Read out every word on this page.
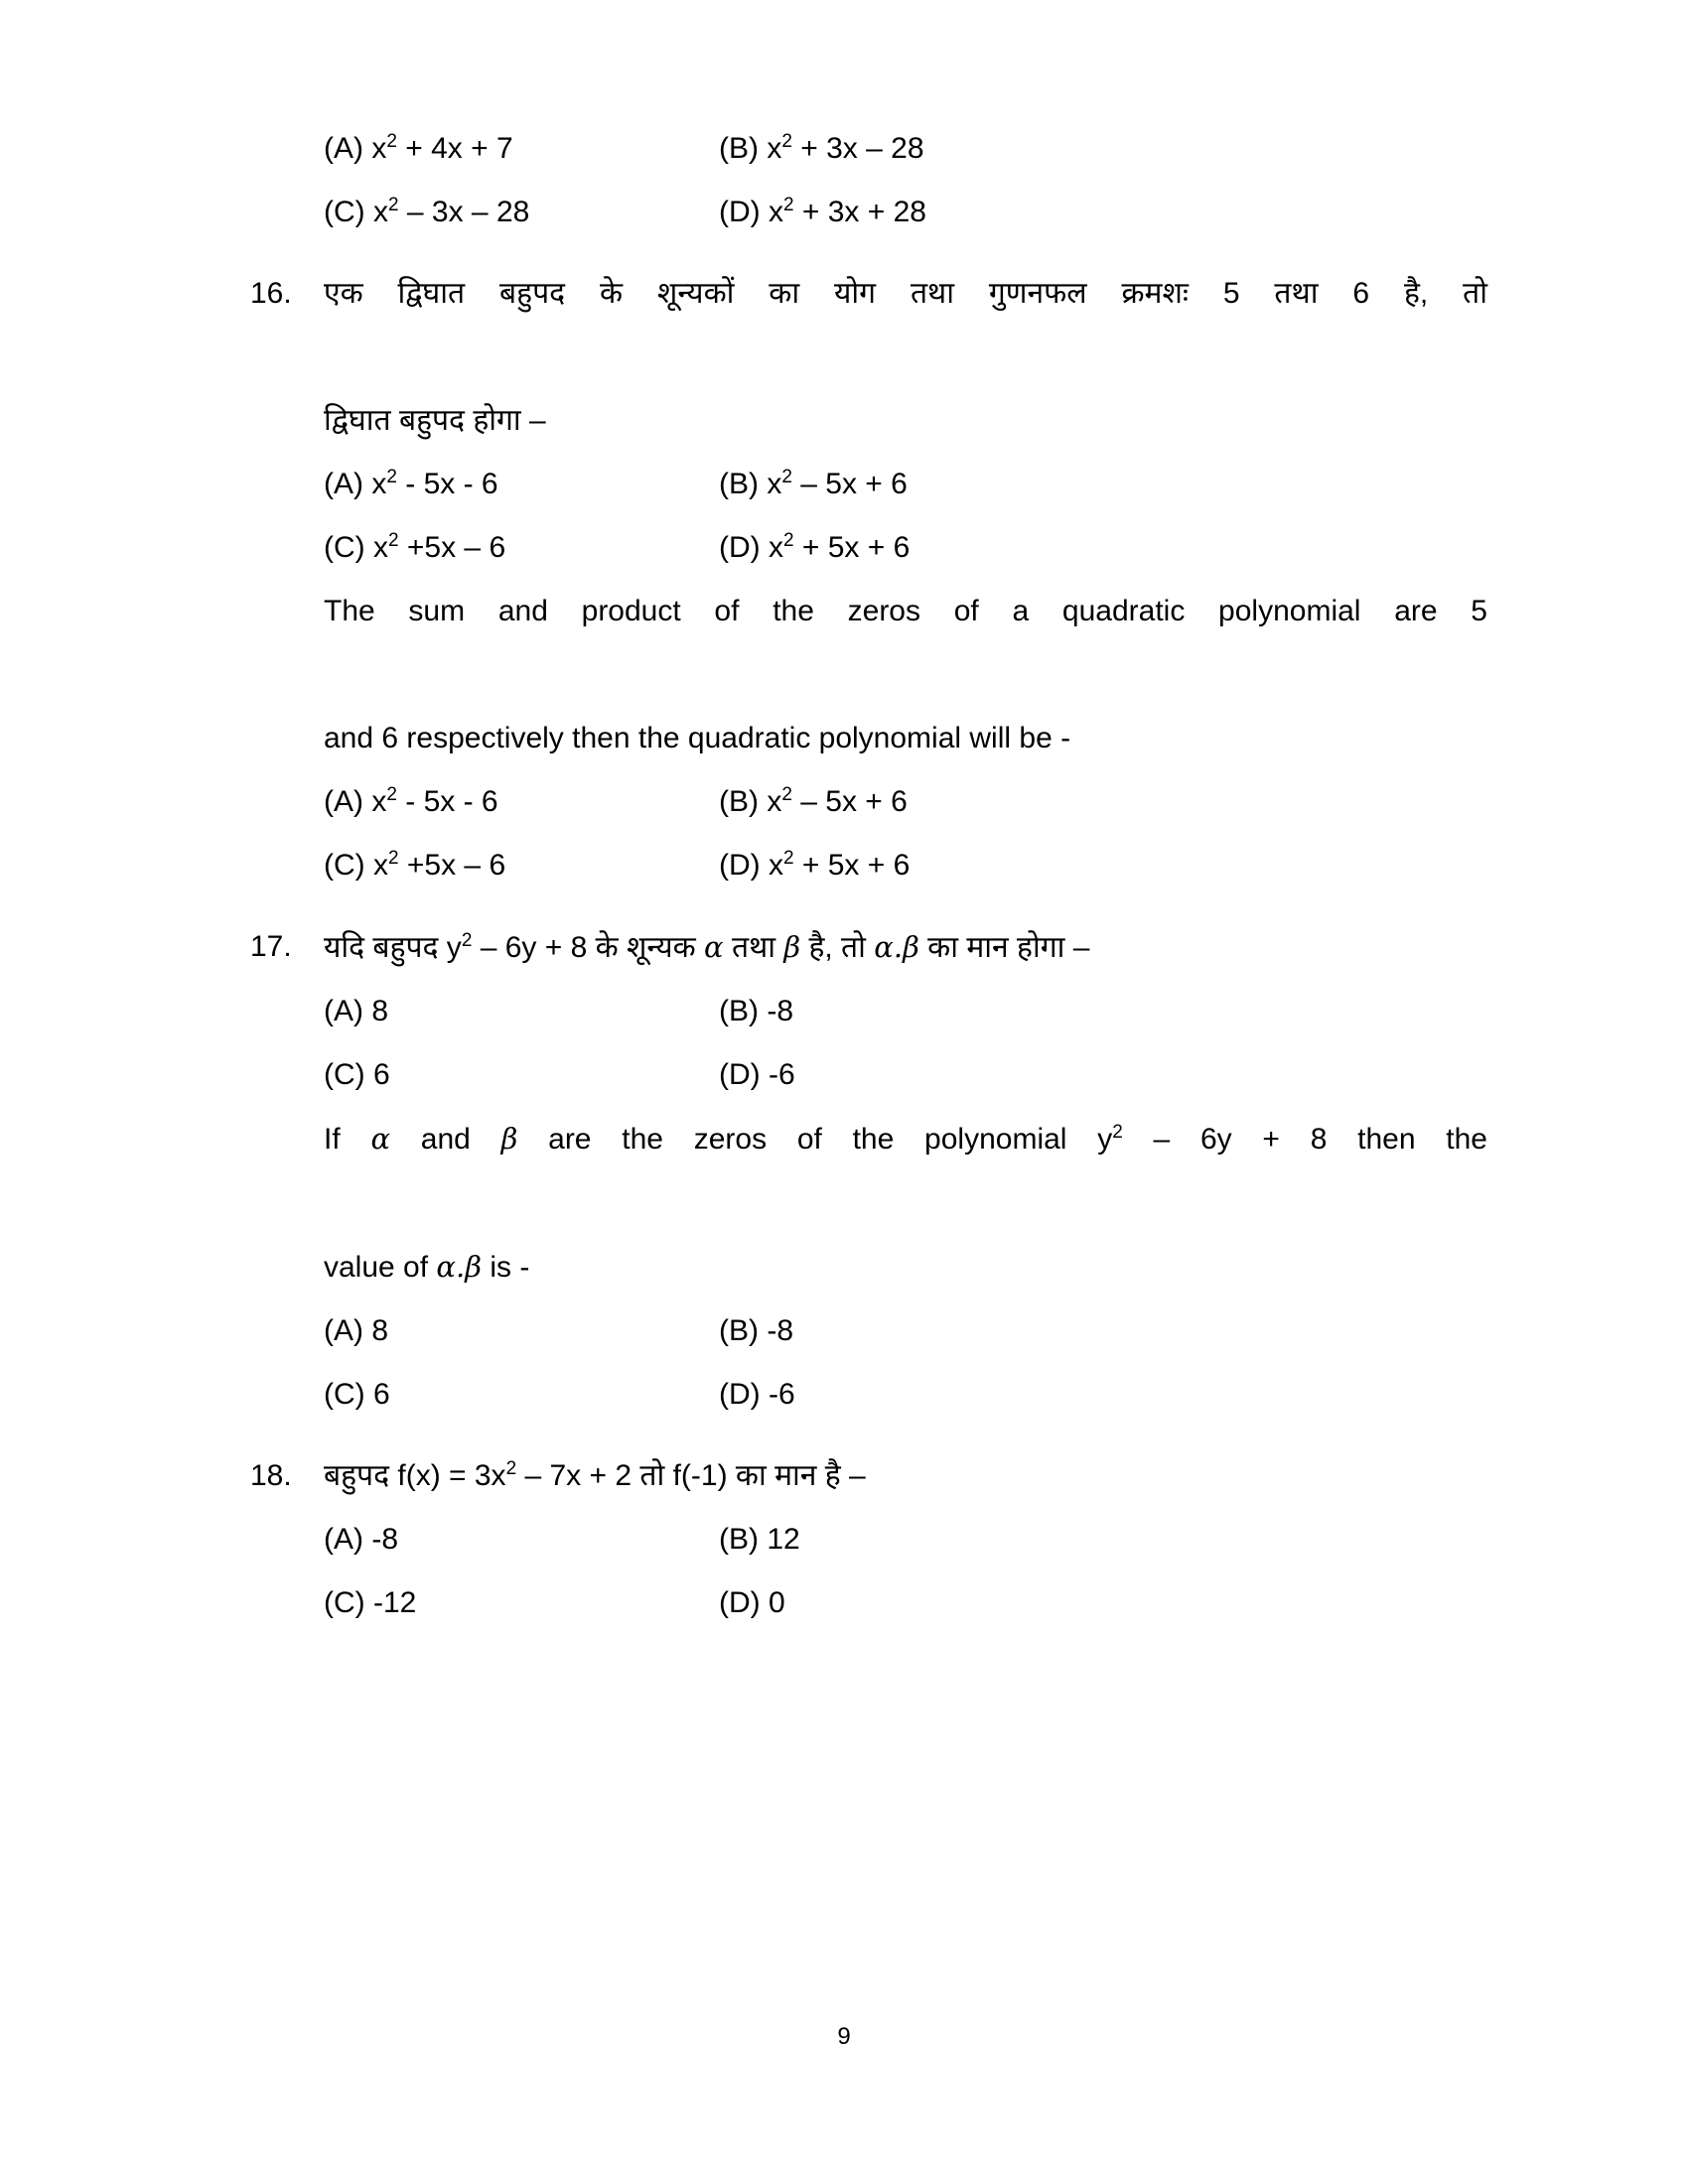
(A) $x^2 + 4x + 7$	(B) $x^2 + 3x - 28$
(C) $x^2 - 3x - 28$	(D) $x^2 + 3x + 28$
16.	एक द्विघात बहुपद के शून्यकों का योग तथा गुणनफल क्रमशः 5 तथा 6 है, तो
द्विघात बहुपद होगा –
(A) $x^2 - 5x - 6$	(B) $x^2 - 5x + 6$
(C) $x^2 +5x - 6$	(D) $x^2 + 5x + 6$
The sum and product of the zeros of a quadratic polynomial are 5
and 6 respectively then the quadratic polynomial will be -
(A) $x^2 - 5x - 6$	(B) $x^2 - 5x + 6$
(C) $x^2 +5x - 6$	(D) $x^2 + 5x + 6$
17.	यदि बहुपद $y^2 - 6y + 8$ के शून्यक α तथा β है, तो α.β का मान होगा –
(A) 8	(B) -8
(C) 6	(D) -6
If α and β are the zeros of the polynomial $y^2 - 6y + 8$ then the
value of α.β is -
(A) 8	(B) -8
(C) 6	(D) -6
18.	बहुपद $f(x) = 3x^2 - 7x + 2$ तो f(-1) का मान है –
(A) -8	(B) 12
(C) -12	(D) 0
9
